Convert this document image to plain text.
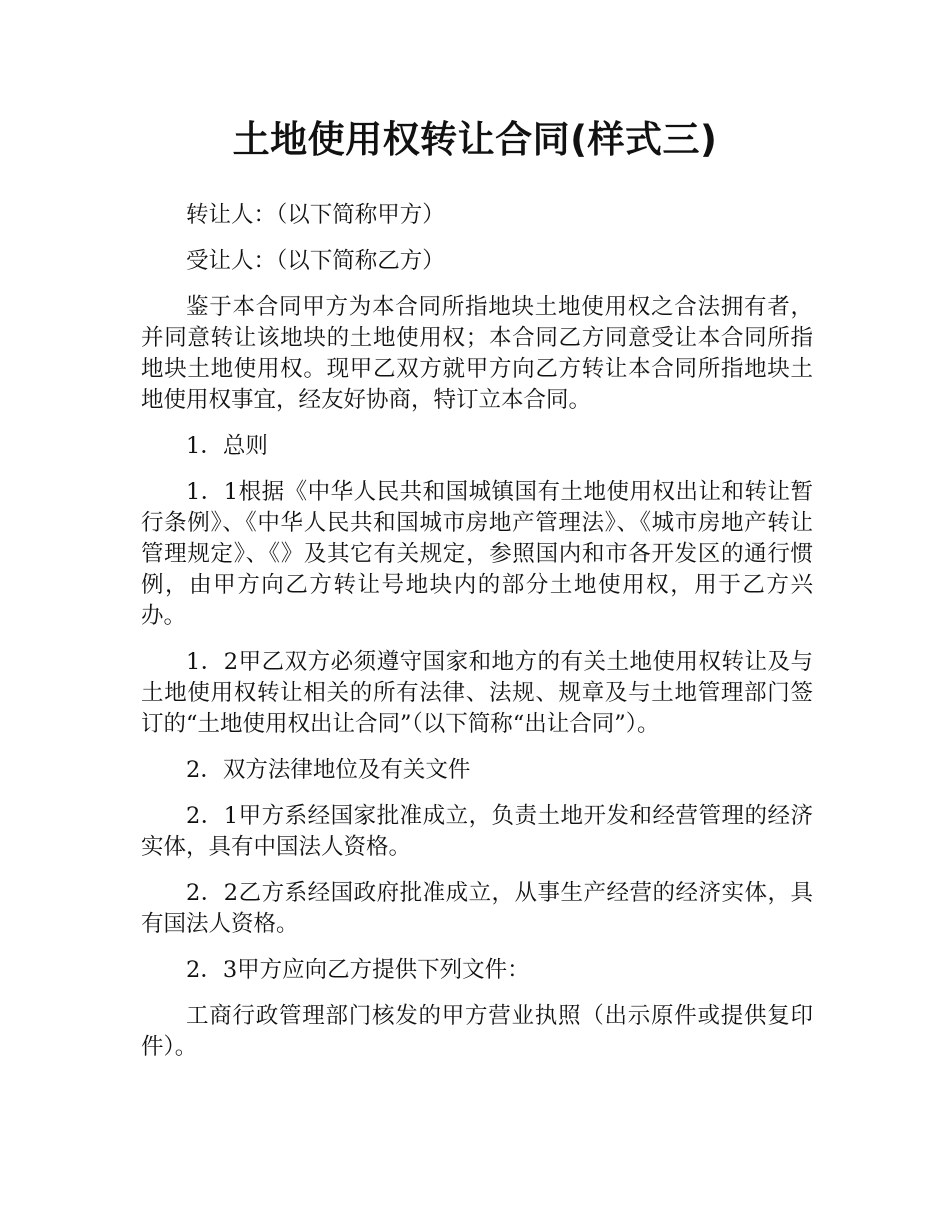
土地使用权转让合同(样式三)

转让人：（以下简称甲方）

受让人：（以下简称乙方）

鉴于本合同甲方为本合同所指地块土地使用权之合法拥有者，并同意转让该地块的土地使用权；本合同乙方同意受让本合同所指地块土地使用权。现甲乙双方就甲方向乙方转让本合同所指地块土地使用权事宜，经友好协商，特订立本合同。

1．总则

1．1根据《中华人民共和国城镇国有土地使用权出让和转让暂行条例》、《中华人民共和国城市房地产管理法》、《城市房地产转让管理规定》、《》及其它有关规定，参照国内和市各开发区的通行惯例，由甲方向乙方转让号地块内的部分土地使用权，用于乙方兴办。

1．2甲乙双方必须遵守国家和地方的有关土地使用权转让及与土地使用权转让相关的所有法律、法规、规章及与土地管理部门签订的“土地使用权出让合同”（以下简称“出让合同”）。

2．双方法律地位及有关文件

2．1甲方系经国家批准成立，负责土地开发和经营管理的经济实体，具有中国法人资格。

2．2乙方系经国政府批准成立，从事生产经营的经济实体，具有国法人资格。

2．3甲方应向乙方提供下列文件：

工商行政管理部门核发的甲方营业执照（出示原件或提供复印件）。
